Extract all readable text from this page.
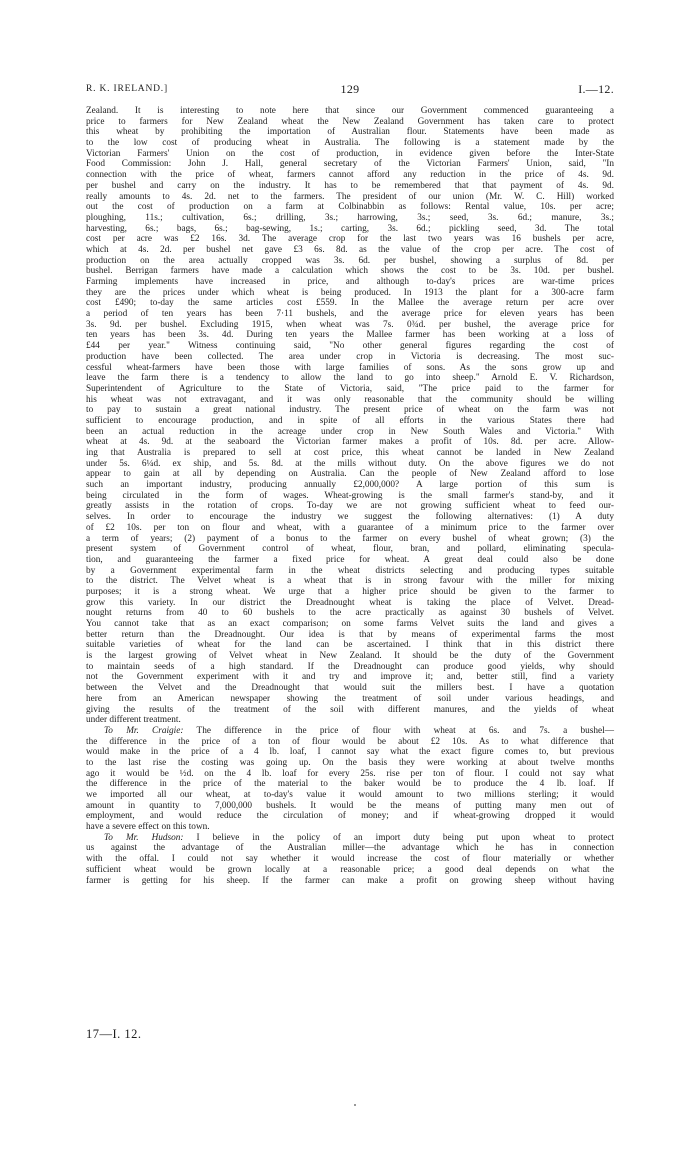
R. K. IRELAND.]	129	I.—12.

Zealand. It is interesting to note here that since our Government commenced guaranteeing a

price to farmers for New Zealand wheat the New Zealand Government has taken care to protect

this wheat by prohibiting the importation of Australian flour. Statements have been made as

to the low cost of producing wheat in Australia. The following is a statement made by the

Victorian Farmers' Union on the cost of production, in evidence given before the Inter-State

Food Commission: John J. Hall, general secretary of the Victorian Farmers' Union, said, "In

connection with the price of wheat, farmers cannot afford any reduction in the price of 4s. 9d.

per bushel and carry on the industry. It has to be remembered that that payment of 4s. 9d.

really amounts to 4s. 2d. net to the farmers. The president of our union (Mr. W. C. Hill) worked

out the cost of production on a farm at Colbinabbin as follows: Rental value, 10s. per acre;

ploughing, 11s.; cultivation, 6s.; drilling, 3s.; harrowing, 3s.; seed, 3s. 6d.; manure, 3s.;

harvesting, 6s.; bags, 6s.; bag-sewing, 1s.; carting, 3s. 6d.; pickling seed, 3d. The total

cost per acre was £2 16s. 3d. The average crop for the last two years was 16 bushels per acre,

which at 4s. 2d. per bushel net gave £3 6s. 8d. as the value of the crop per acre. The cost of

production on the area actually cropped was 3s. 6d. per bushel, showing a surplus of 8d. per

bushel. Berrigan farmers have made a calculation which shows the cost to be 3s. 10d. per bushel.

Farming implements have increased in price, and although to-day's prices are war-time prices

they are the prices under which wheat is being produced. In 1913 the plant for a 300-acre farm

cost £490; to-day the same articles cost £559. In the Mallee the average return per acre over

a period of ten years has been 7·11 bushels, and the average price for eleven years has been

3s. 9d. per bushel. Excluding 1915, when wheat was 7s. 0¾d. per bushel, the average price for

ten years has been 3s. 4d. During ten years the Mallee farmer has been working at a loss of

£44 per year." Witness continuing said, "No other general figures regarding the cost of

production have been collected. The area under crop in Victoria is decreasing. The most suc-

cessful wheat-farmers have been those with large families of sons. As the sons grow up and

leave the farm there is a tendency to allow the land to go into sheep." Arnold E. V. Richardson,

Superintendent of Agriculture to the State of Victoria, said, "The price paid to the farmer for

his wheat was not extravagant, and it was only reasonable that the community should be willing

to pay to sustain a great national industry. The present price of wheat on the farm was not

sufficient to encourage production, and in spite of all efforts in the various States there had

been an actual reduction in the acreage under crop in New South Wales and Victoria." With

wheat at 4s. 9d. at the seaboard the Victorian farmer makes a profit of 10s. 8d. per acre. Allow-

ing that Australia is prepared to sell at cost price, this wheat cannot be landed in New Zealand

under 5s. 6¼d. ex ship, and 5s. 8d. at the mills without duty. On the above figures we do not

appear to gain at all by depending on Australia. Can the people of New Zealand afford to lose

such an important industry, producing annually £2,000,000? A large portion of this sum is

being circulated in the form of wages. Wheat-growing is the small farmer's stand-by, and it

greatly assists in the rotation of crops. To-day we are not growing sufficient wheat to feed our-

selves. In order to encourage the industry we suggest the following alternatives: (1) A duty

of £2 10s. per ton on flour and wheat, with a guarantee of a minimum price to the farmer over

a term of years; (2) payment of a bonus to the farmer on every bushel of wheat grown; (3) the

present system of Government control of wheat, flour, bran, and pollard, eliminating specula-

tion, and guaranteeing the farmer a fixed price for wheat. A great deal could also be done

by a Government experimental farm in the wheat districts selecting and producing types suitable

to the district. The Velvet wheat is a wheat that is in strong favour with the miller for mixing

purposes; it is a strong wheat. We urge that a higher price should be given to the farmer to

grow this variety. In our district the Dreadnought wheat is taking the place of Velvet. Dread-

nought returns from 40 to 60 bushels to the acre practically as against 30 bushels of Velvet.

You cannot take that as an exact comparison; on some farms Velvet suits the land and gives a

better return than the Dreadnought. Our idea is that by means of experimental farms the most

suitable varieties of wheat for the land can be ascertained. I think that in this district there

is the largest growing of Velvet wheat in New Zealand. It should be the duty of the Government

to maintain seeds of a high standard. If the Dreadnought can produce good yields, why should

not the Government experiment with it and try and improve it; and, better still, find a variety

between the Velvet and the Dreadnought that would suit the millers best. I have a quotation

here from an American newspaper showing the treatment of soil under various headings, and

giving the results of the treatment of the soil with different manures, and the yields of wheat

under different treatment.

To Mr. Craigie: The difference in the price of flour with wheat at 6s. and 7s. a bushel—

the difference in the price of a ton of flour would be about £2 10s. As to what difference that

would make in the price of a 4 lb. loaf, I cannot say what the exact figure comes to, but previous

to the last rise the costing was going up. On the basis they were working at about twelve months

ago it would be ½d. on the 4 lb. loaf for every 25s. rise per ton of flour. I could not say what

the difference in the price of the material to the baker would be to produce the 4 lb. loaf. If

we imported all our wheat, at to-day's value it would amount to two millions sterling; it would

amount in quantity to 7,000,000 bushels. It would be the means of putting many men out of

employment, and would reduce the circulation of money; and if wheat-growing dropped it would

have a severe effect on this town.

To Mr. Hudson: I believe in the policy of an import duty being put upon wheat to protect

us against the advantage of the Australian miller—the advantage which he has in connection

with the offal. I could not say whether it would increase the cost of flour materially or whether

sufficient wheat would be grown locally at a reasonable price; a good deal depends on what the

farmer is getting for his sheep. If the farmer can make a profit on growing sheep without having

17—I. 12.
